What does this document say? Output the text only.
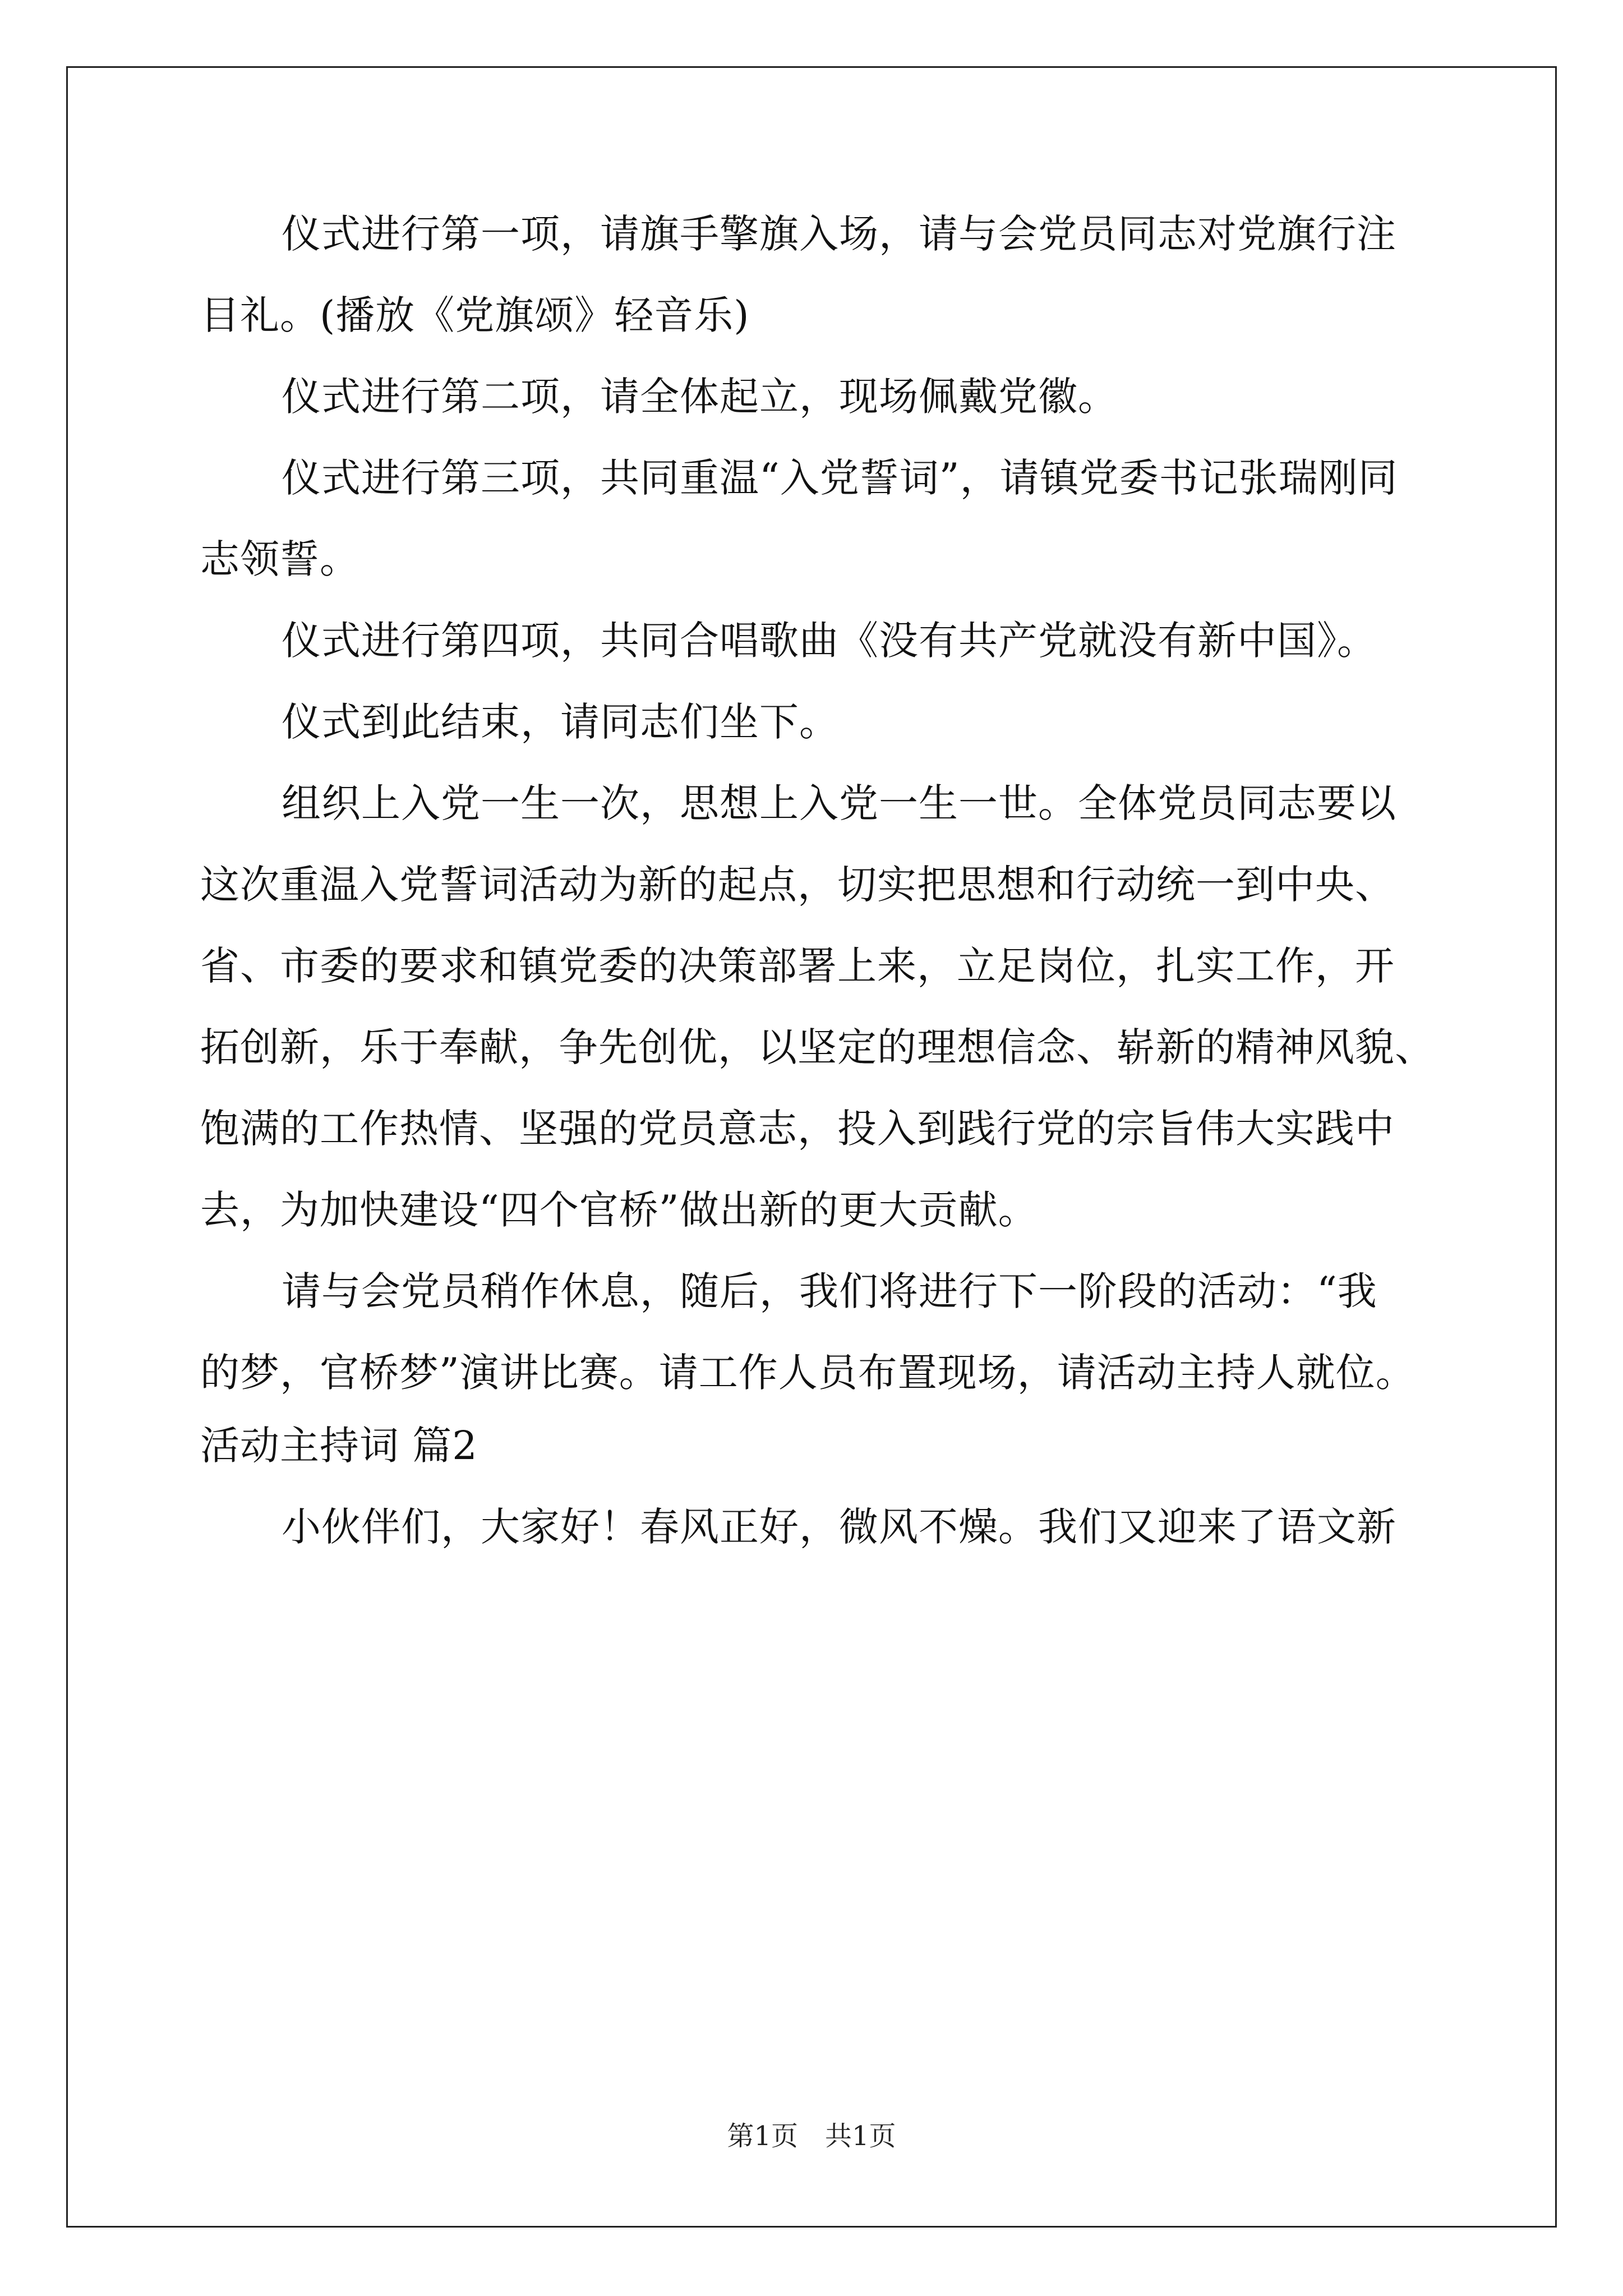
仪式进行第一项，请旗手擎旗入场，请与会党员同志对党旗行注
目礼。(播放《党旗颂》轻音乐)
仪式进行第二项，请全体起立，现场佩戴党徽。
仪式进行第三项，共同重温“入党誓词”，请镇党委书记张瑞刚同
志领誓。
仪式进行第四项，共同合唱歌曲《没有共产党就没有新中国》。
仪式到此结束，请同志们坐下。
组织上入党一生一次，思想上入党一生一世。全体党员同志要以
这次重温入党誓词活动为新的起点，切实把思想和行动统一到中央、
省、市委的要求和镇党委的决策部署上来，立足岗位，扎实工作，开
拓创新，乐于奉献，争先创优，以坚定的理想信念、崭新的精神风貌、
饱满的工作热情、坚强的党员意志，投入到践行党的宗旨伟大实践中
去，为加快建设“四个官桥”做出新的更大贡献。
请与会党员稍作休息，随后，我们将进行下一阶段的活动：“我
的梦，官桥梦”演讲比赛。请工作人员布置现场，请活动主持人就位。
活动主持词 篇2
小伙伴们，大家好！春风正好，微风不燥。我们又迎来了语文新
第1页　共1页
